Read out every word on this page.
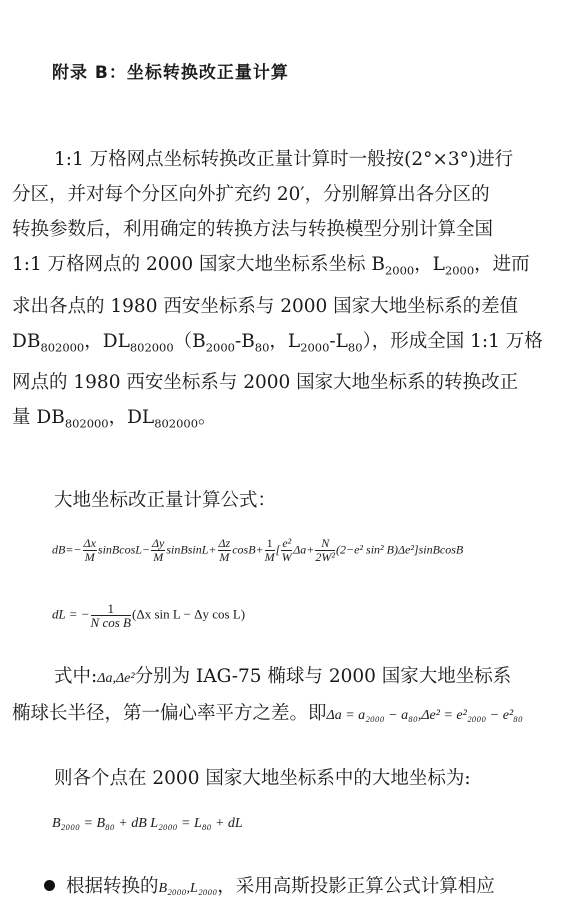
附录 B：坐标转换改正量计算
1:1 万格网点坐标转换改正量计算时一般按(2°×3°)进行
分区，并对每个分区向外扩充约 20′，分别解算出各分区的
转换参数后，利用确定的转换方法与转换模型分别计算全国
1:1 万格网点的 2000 国家大地坐标系坐标 $B_{2000}$，$L_{2000}$，进而
求出各点的 1980 西安坐标系与 2000 国家大地坐标系的差值
$DB_{802000}$，$DL_{802000}(B_{2000}-B_{80}$，$L_{2000}-L_{80}$），形成全国 1:1 万格
网点的 1980 西安坐标系与 2000 国家大地坐标系的转换改正
量 $DB_{802000}$，$DL_{802000}$。
大地坐标改正量计算公式：
$dB=- \frac{\Delta x}{M}$ sinBcosL− $\frac{\Delta y}{M}$ sinBsinL+ $\frac{\Delta z}{M} \cos B+ \frac{1}{M}$ [ $\frac{\text{e²}}{W} \Delta a+ \frac{N}{\text{2W²}} (2-e^2$ sin² B)Δe²]sinBcosB
dL = − $\frac{1}{\text{N cos B}} (\Delta x$ sin L − Δy cos L)
式中:Δa,Δe²分别为 IAG-75 椭球与 2000 国家大地坐标系
椭球长半径，第一偏心率平方之差。即Δa = a₂₀₀₀ − a₈₀,Δe² = e²₂₀₀₀ − e²₈₀
则各个点在 2000 国家大地坐标系中的大地坐标为:
B₂₀₀₀ = B₈₀ + dB L₂₀₀₀ = L₈₀ + dL
根据转换的B₂₀₀₀,L₂₀₀₀，采用高斯投影正算公式计算相应
